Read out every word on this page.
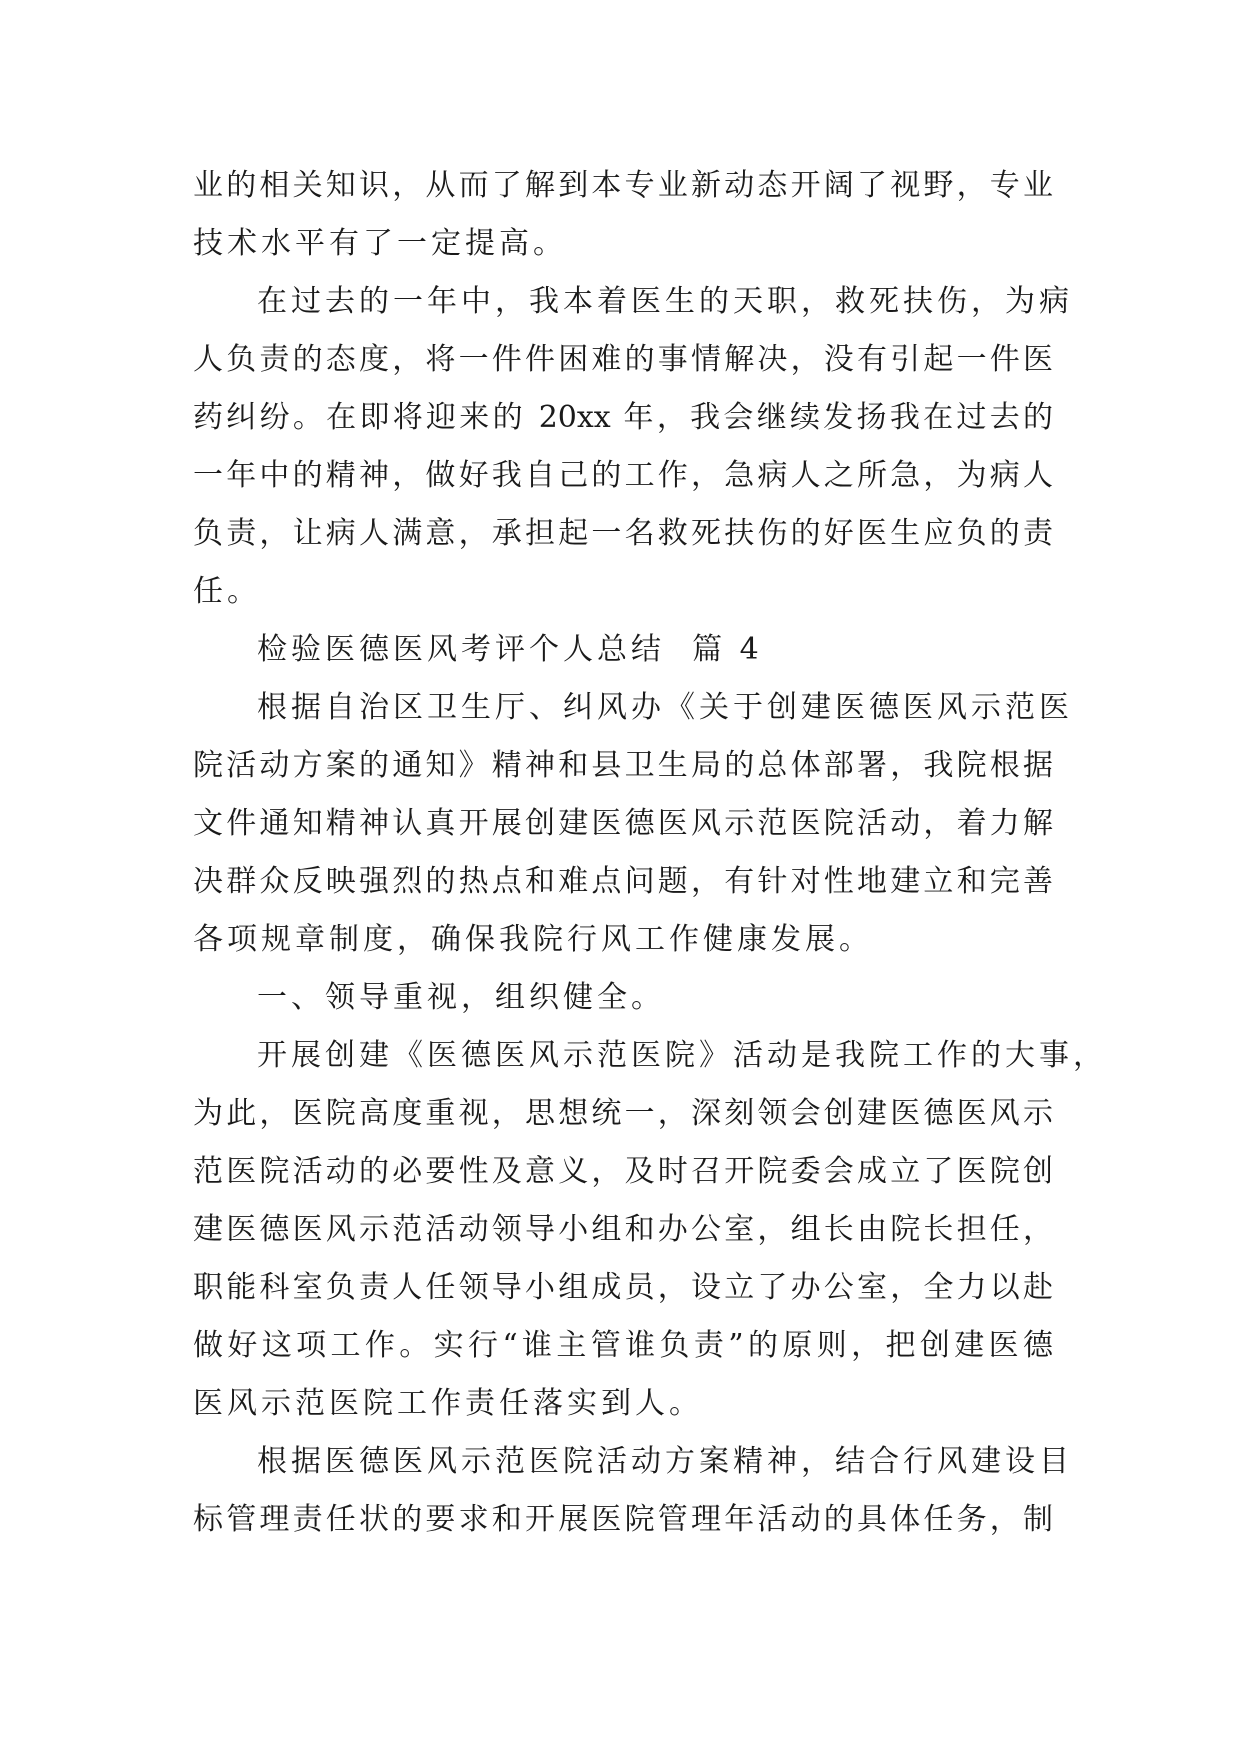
业的相关知识，从而了解到本专业新动态开阔了视野，专业
技术水平有了一定提高。
在过去的一年中，我本着医生的天职，救死扶伤，为病
人负责的态度，将一件件困难的事情解决，没有引起一件医
药纠纷。在即将迎来的 20xx 年，我会继续发扬我在过去的
一年中的精神，做好我自己的工作，急病人之所急，为病人
负责，让病人满意，承担起一名救死扶伤的好医生应负的责
任。
检验医德医风考评个人总结  篇 4
根据自治区卫生厅、纠风办《关于创建医德医风示范医
院活动方案的通知》精神和县卫生局的总体部署，我院根据
文件通知精神认真开展创建医德医风示范医院活动，着力解
决群众反映强烈的热点和难点问题，有针对性地建立和完善
各项规章制度，确保我院行风工作健康发展。
一、领导重视，组织健全。
开展创建《医德医风示范医院》活动是我院工作的大事，
为此，医院高度重视，思想统一，深刻领会创建医德医风示
范医院活动的必要性及意义，及时召开院委会成立了医院创
建医德医风示范活动领导小组和办公室，组长由院长担任，
职能科室负责人任领导小组成员，设立了办公室，全力以赴
做好这项工作。实行“谁主管谁负责”的原则，把创建医德
医风示范医院工作责任落实到人。
根据医德医风示范医院活动方案精神，结合行风建设目
标管理责任状的要求和开展医院管理年活动的具体任务，制
